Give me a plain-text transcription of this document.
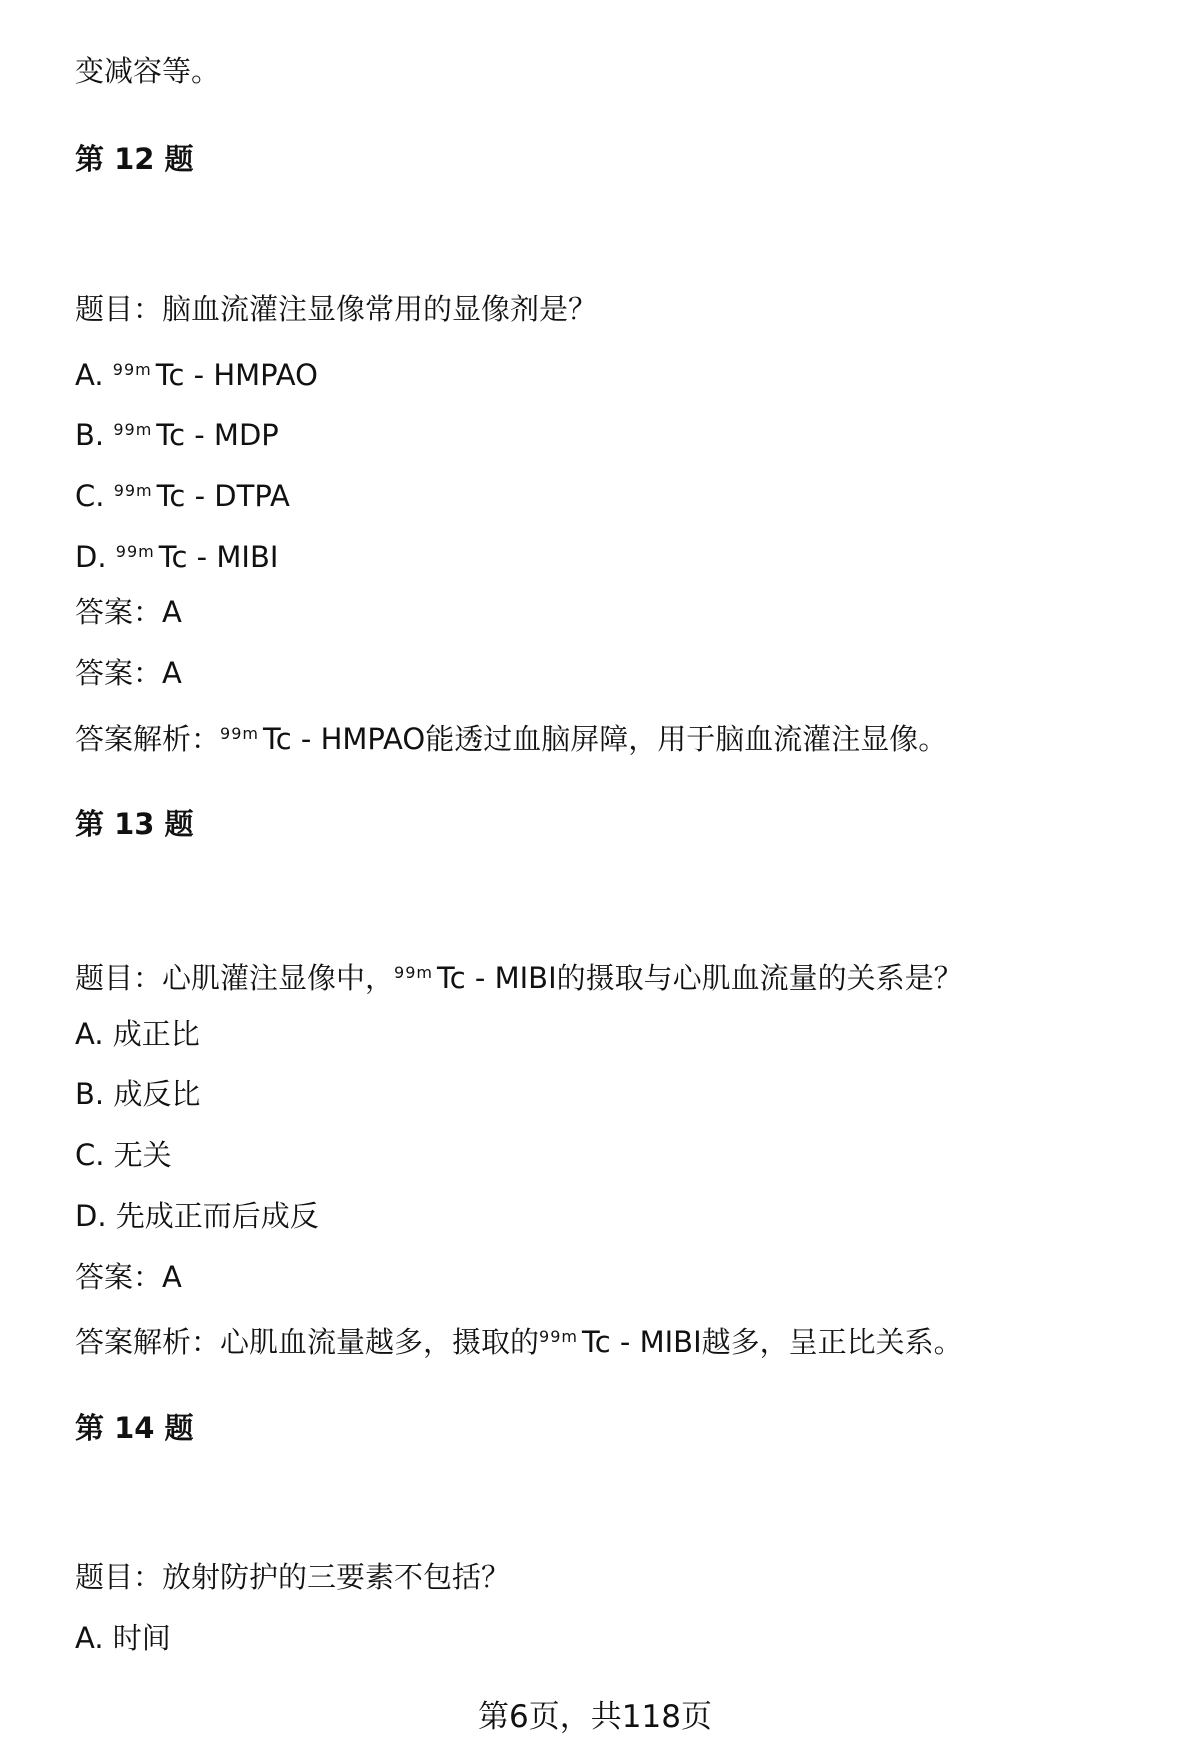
变减容等。

第 12 题

题目：脑血流灌注显像常用的显像剂是？

A. $^{99m}$ Tc - HMPAO

B. $^{99m}$ Tc - MDP

C. $^{99m}$ Tc - DTPA

D. $^{99m}$ Tc - MIBI

答案：A

答案：A

答案解析：$^{99m}$ Tc - HMPAO能透过血脑屏障，用于脑血流灌注显像。

第 13 题

题目：心肌灌注显像中，$^{99m}$ Tc - MIBI的摄取与心肌血流量的关系是？

A. 成正比

B. 成反比

C. 无关

D. 先成正而后成反

答案：A

答案解析：心肌血流量越多，摄取的$^{99m}$ Tc - MIBI越多，呈正比关系。

第 14 题

题目：放射防护的三要素不包括？

A. 时间

第6页，共118页
